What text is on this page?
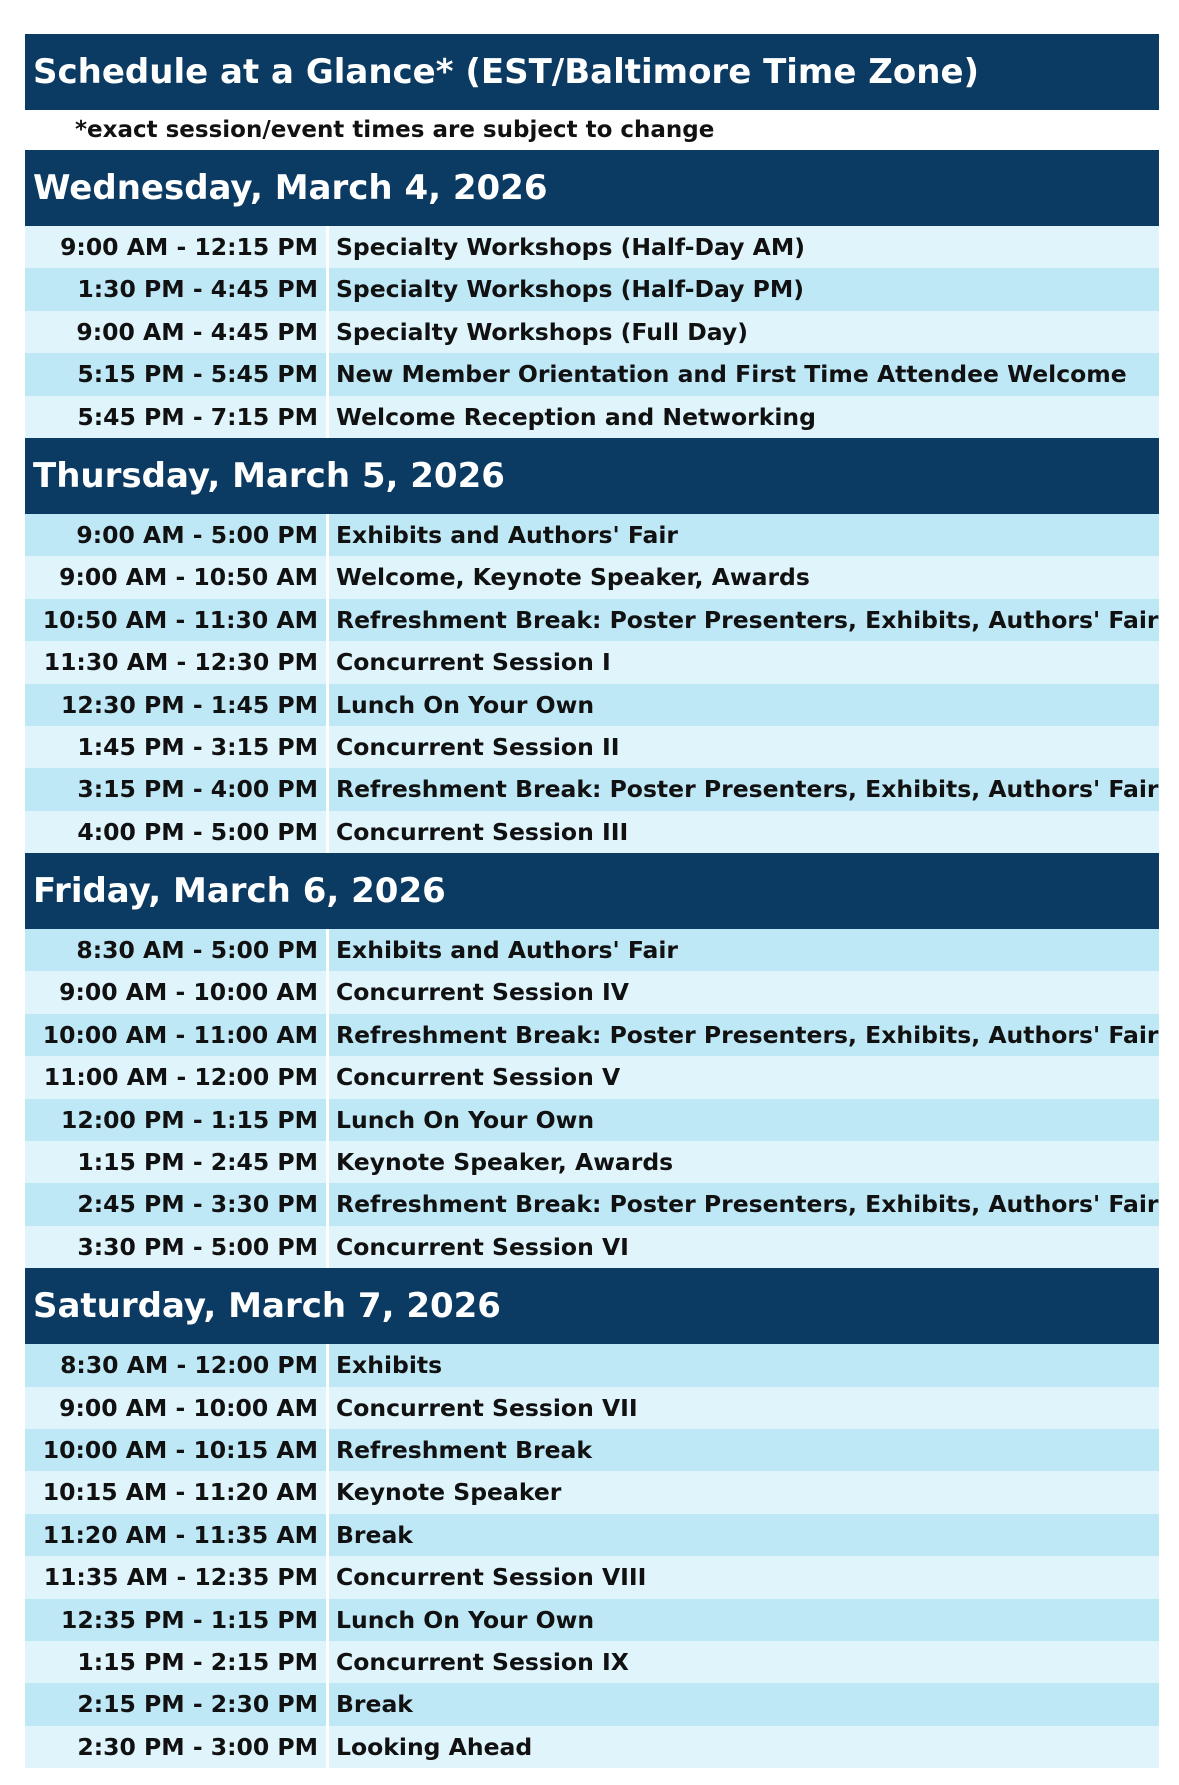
Schedule at a Glance* (EST/Baltimore Time Zone)
*exact session/event times are subject to change
Wednesday, March 4, 2026
9:00 AM - 12:15 PM Specialty Workshops (Half-Day AM)
1:30 PM - 4:45 PM Specialty Workshops (Half-Day PM)
9:00 AM - 4:45 PM Specialty Workshops (Full Day)
5:15 PM - 5:45 PM New Member Orientation and First Time Attendee Welcome
5:45 PM - 7:15 PM Welcome Reception and Networking
Thursday, March 5, 2026
9:00 AM - 5:00 PM Exhibits and Authors' Fair
9:00 AM - 10:50 AM Welcome, Keynote Speaker, Awards
10:50 AM - 11:30 AM Refreshment Break: Poster Presenters, Exhibits, Authors' Fair
11:30 AM - 12:30 PM Concurrent Session I
12:30 PM - 1:45 PM Lunch On Your Own
1:45 PM - 3:15 PM Concurrent Session II
3:15 PM - 4:00 PM Refreshment Break: Poster Presenters, Exhibits, Authors' Fair
4:00 PM - 5:00 PM Concurrent Session III
Friday, March 6, 2026
8:30 AM - 5:00 PM Exhibits and Authors' Fair
9:00 AM - 10:00 AM Concurrent Session IV
10:00 AM - 11:00 AM Refreshment Break: Poster Presenters, Exhibits, Authors' Fair
11:00 AM - 12:00 PM Concurrent Session V
12:00 PM - 1:15 PM Lunch On Your Own
1:15 PM - 2:45 PM Keynote Speaker, Awards
2:45 PM - 3:30 PM Refreshment Break: Poster Presenters, Exhibits, Authors' Fair
3:30 PM - 5:00 PM Concurrent Session VI
Saturday, March 7, 2026
8:30 AM - 12:00 PM Exhibits
9:00 AM - 10:00 AM Concurrent Session VII
10:00 AM - 10:15 AM Refreshment Break
10:15 AM - 11:20 AM Keynote Speaker
11:20 AM - 11:35 AM Break
11:35 AM - 12:35 PM Concurrent Session VIII
12:35 PM - 1:15 PM Lunch On Your Own
1:15 PM - 2:15 PM Concurrent Session IX
2:15 PM - 2:30 PM Break
2:30 PM - 3:00 PM Looking Ahead
